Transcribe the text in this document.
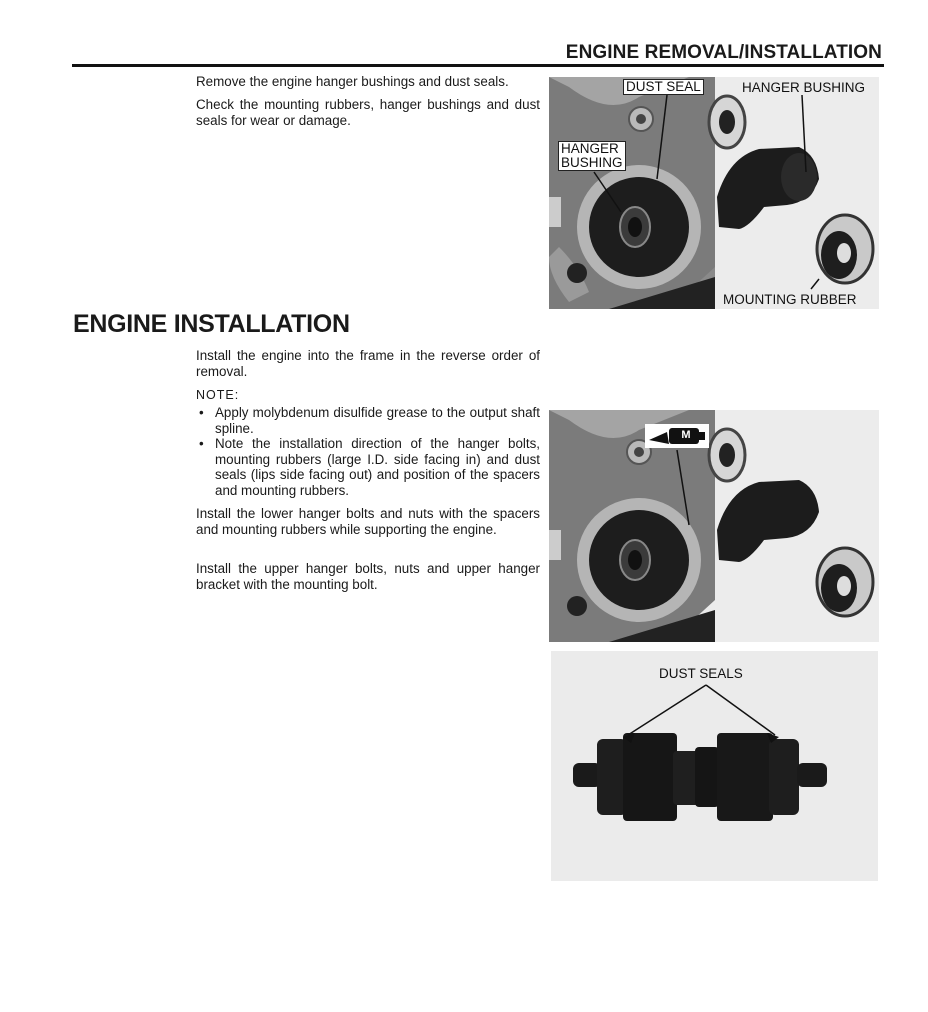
ENGINE REMOVAL/INSTALLATION
Remove the engine hanger bushings and dust seals.
Check the mounting rubbers, hanger bushings and dust seals for wear or damage.
DUST SEAL
HANGER
BUSHING
HANGER BUSHING
MOUNTING RUBBER
ENGINE INSTALLATION
Install the engine into the frame in the reverse order of removal.
NOTE:
• Apply molybdenum disulfide grease to the output shaft spline.
• Note the installation direction of the hanger bolts, mounting rubbers (large I.D. side facing in) and dust seals (lips side facing out) and position of the spacers and mounting rubbers.
Install the lower hanger bolts and nuts with the spacers and mounting rubbers while supporting the engine.
Install the upper hanger bolts, nuts and upper hanger bracket with the mounting bolt.
M
DUST SEALS
